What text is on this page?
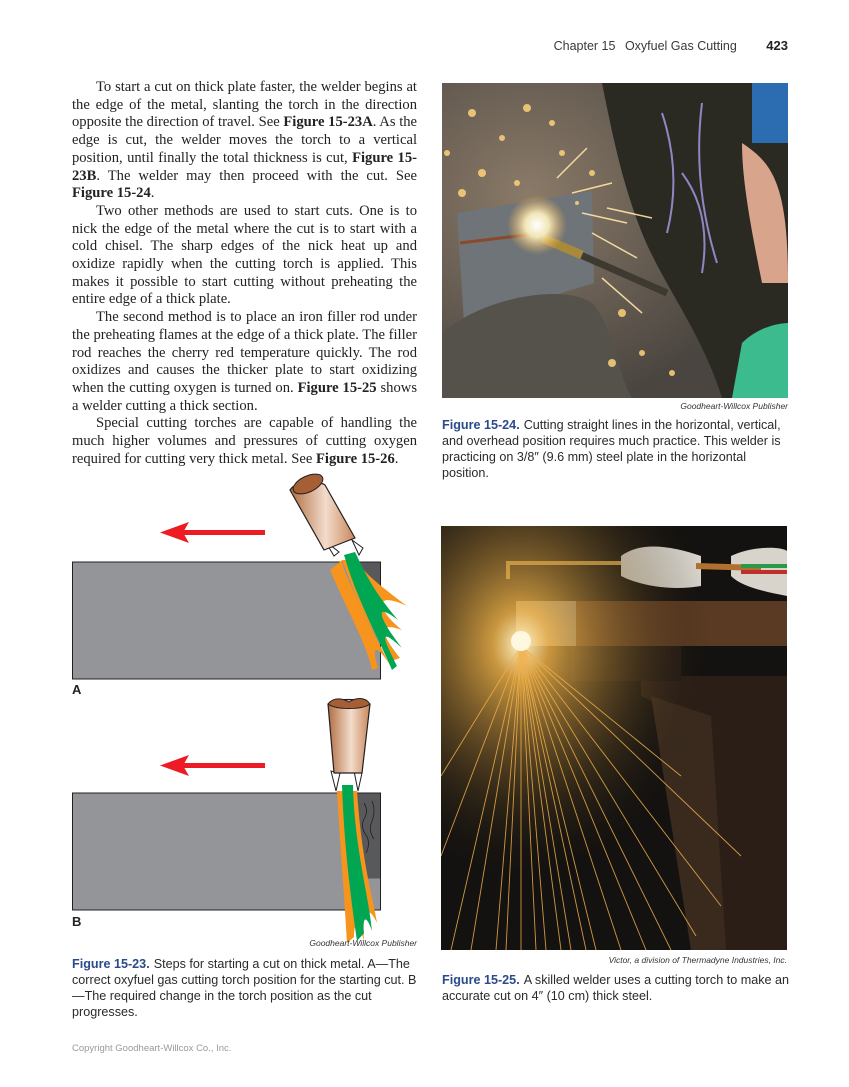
Chapter 15 Oxyfuel Gas Cutting 423

To start a cut on thick plate faster, the welder begins at the edge of the metal, slanting the torch in the direction opposite the direction of travel. See Figure 15-23A. As the edge is cut, the welder moves the torch to a vertical position, until finally the total thickness is cut, Figure 15-23B. The welder may then proceed with the cut. See Figure 15-24.

Two other methods are used to start cuts. One is to nick the edge of the metal where the cut is to start with a cold chisel. The sharp edges of the nick heat up and oxidize rapidly when the cutting torch is applied. This makes it possible to start cutting without preheating the entire edge of a thick plate.

The second method is to place an iron filler rod under the preheating flames at the edge of a thick plate. The filler rod reaches the cherry red temperature quickly. The rod oxidizes and causes the thicker plate to start oxidizing when the cutting oxygen is turned on. Figure 15-25 shows a welder cutting a thick section.

Special cutting torches are capable of handling the much higher volumes and pressures of cutting oxygen required for cutting very thick metal. See Figure 15-26.

A
B
Goodheart-Willcox Publisher
Figure 15-23. Steps for starting a cut on thick metal. A—The correct oxyfuel gas cutting torch position for the starting cut. B—The required change in the torch position as the cut progresses.
Goodheart-Willcox Publisher
Figure 15-24. Cutting straight lines in the horizontal, vertical, and overhead position requires much practice. This welder is practicing on 3/8″ (9.6 mm) steel plate in the horizontal position.
Victor, a division of Thermadyne Industries, Inc.
Figure 15-25. A skilled welder uses a cutting torch to make an accurate cut on 4″ (10 cm) thick steel.
Copyright Goodheart-Willcox Co., Inc.
